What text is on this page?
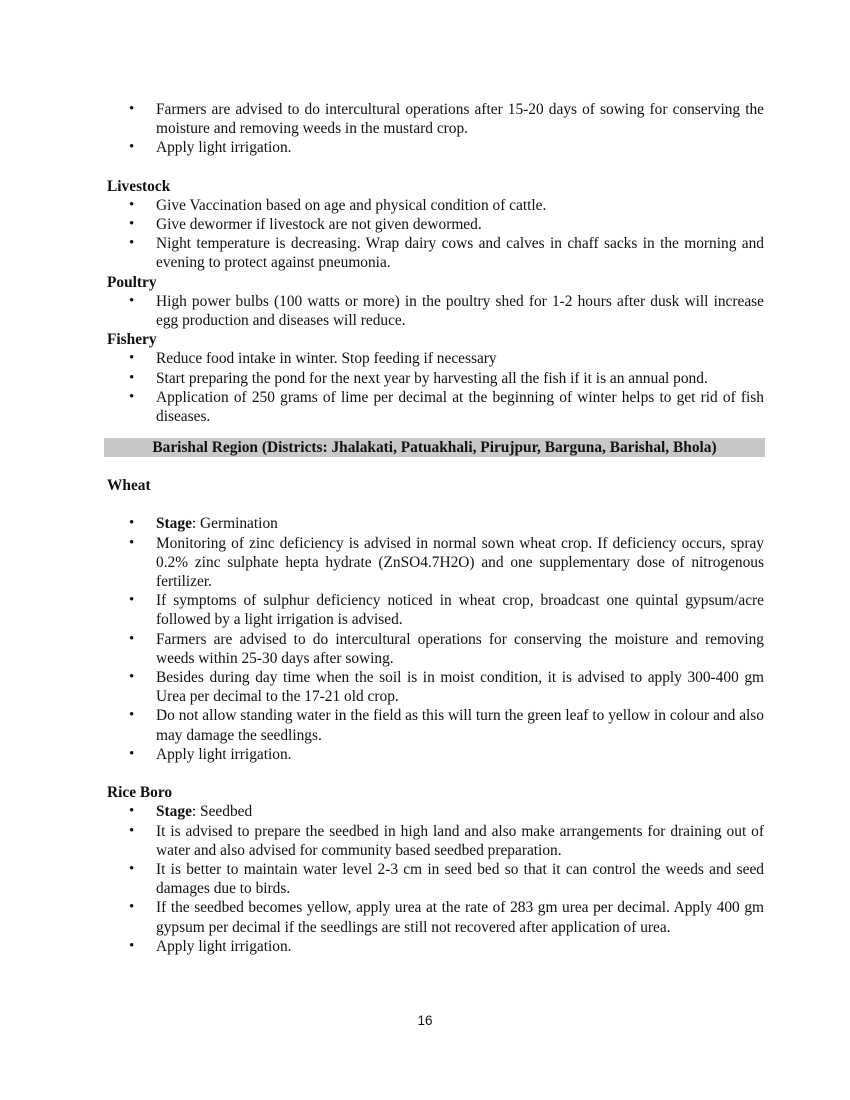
• Farmers are advised to do intercultural operations after 15-20 days of sowing for conserving the moisture and removing weeds in the mustard crop.
• Apply light irrigation.

Livestock

• Give Vaccination based on age and physical condition of cattle.
• Give dewormer if livestock are not given dewormed.
• Night temperature is decreasing. Wrap dairy cows and calves in chaff sacks in the morning and evening to protect against pneumonia.

Poultry

• High power bulbs (100 watts or more) in the poultry shed for 1-2 hours after dusk will increase egg production and diseases will reduce.

Fishery

• Reduce food intake in winter. Stop feeding if necessary
• Start preparing the pond for the next year by harvesting all the fish if it is an annual pond.
• Application of 250 grams of lime per decimal at the beginning of winter helps to get rid of fish diseases.
Barishal Region (Districts: Jhalakati, Patuakhali, Pirujpur, Barguna, Barishal, Bhola)

Wheat

• Stage: Germination
• Monitoring of zinc deficiency is advised in normal sown wheat crop. If deficiency occurs, spray 0.2% zinc sulphate hepta hydrate (ZnSO4.7H2O) and one supplementary dose of nitrogenous fertilizer.
• If symptoms of sulphur deficiency noticed in wheat crop, broadcast one quintal gypsum/acre followed by a light irrigation is advised.
• Farmers are advised to do intercultural operations for conserving the moisture and removing weeds within 25-30 days after sowing.
• Besides during day time when the soil is in moist condition, it is advised to apply 300-400 gm Urea per decimal to the 17-21 old crop.
• Do not allow standing water in the field as this will turn the green leaf to yellow in colour and also may damage the seedlings.
• Apply light irrigation.

Rice Boro

• Stage: Seedbed
• It is advised to prepare the seedbed in high land and also make arrangements for draining out of water and also advised for community based seedbed preparation.
• It is better to maintain water level 2-3 cm in seed bed so that it can control the weeds and seed damages due to birds.
• If the seedbed becomes yellow, apply urea at the rate of 283 gm urea per decimal. Apply 400 gm gypsum per decimal if the seedlings are still not recovered after application of urea.
• Apply light irrigation.
16
